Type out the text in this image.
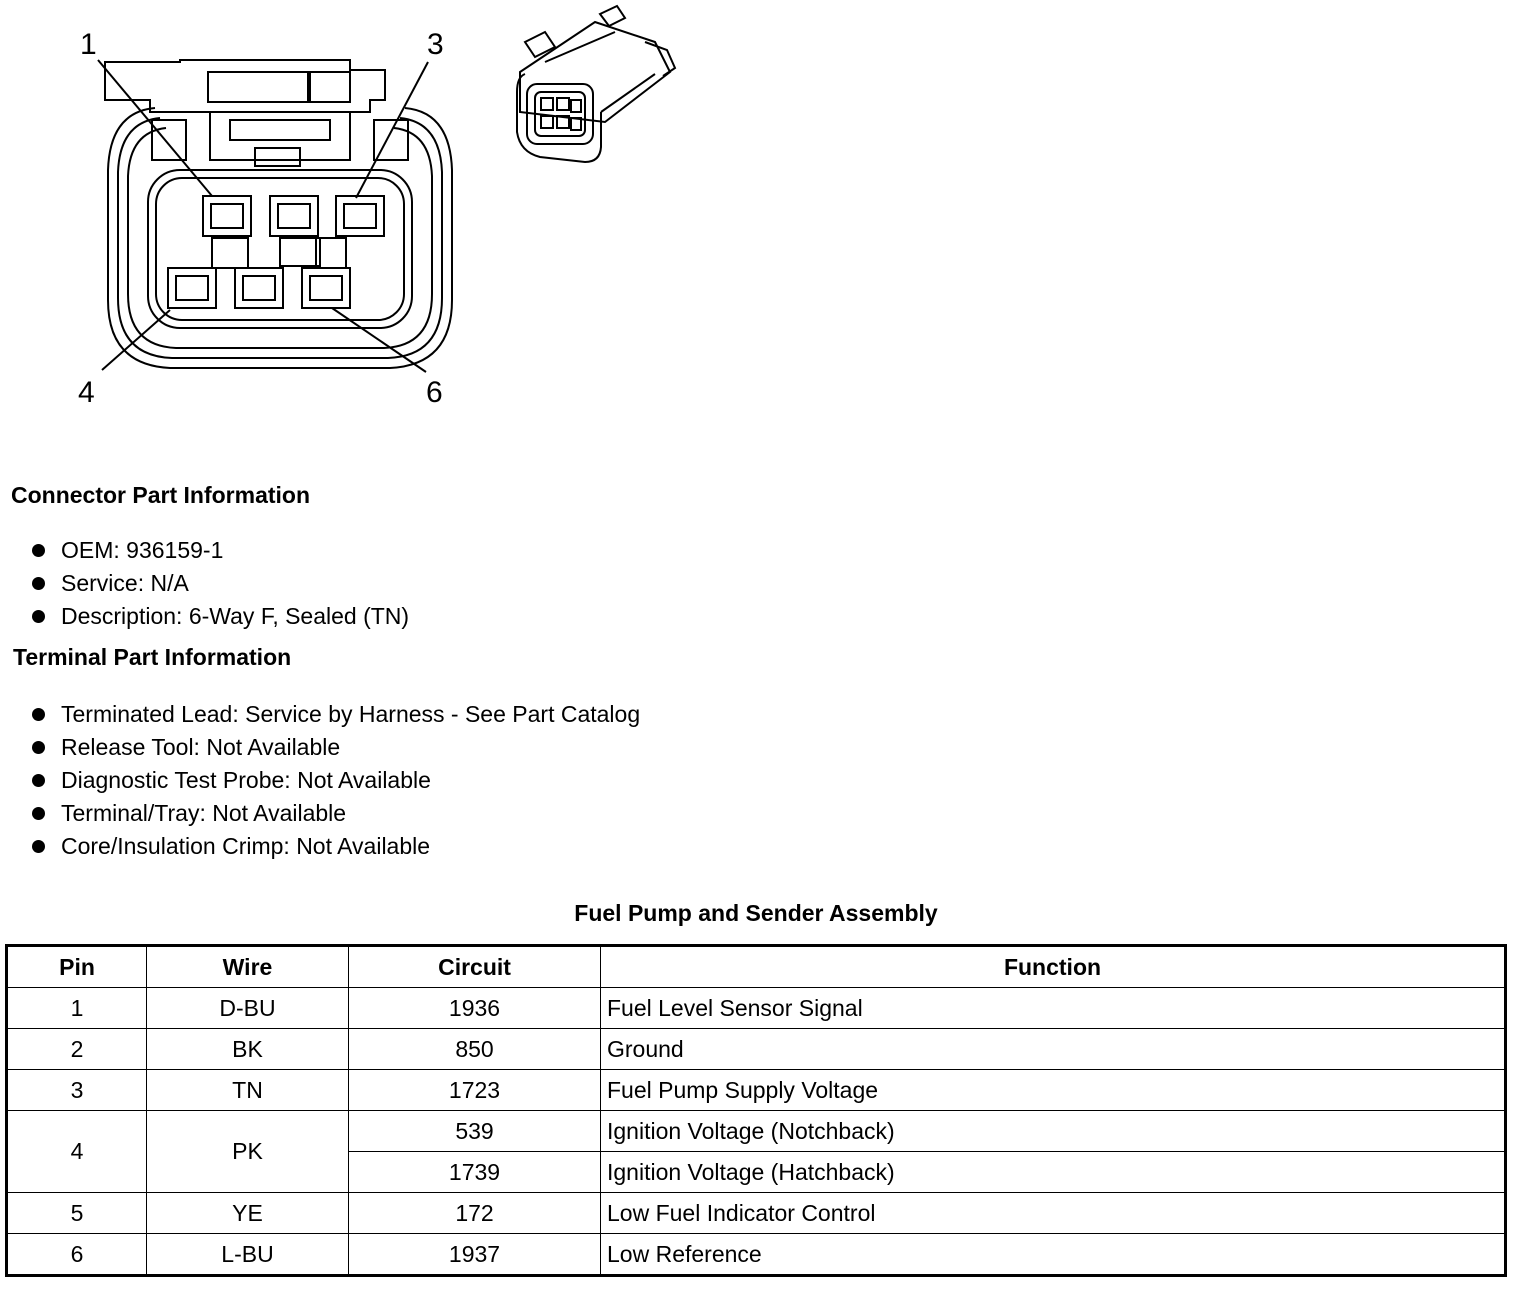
1	3
4	6
Connector Part Information
OEM: 936159-1
Service: N/A
Description: 6-Way F, Sealed (TN)
Terminal Part Information
Terminated Lead: Service by Harness - See Part Catalog
Release Tool: Not Available
Diagnostic Test Probe: Not Available
Terminal/Tray: Not Available
Core/Insulation Crimp: Not Available
Fuel Pump and Sender Assembly
Pin	Wire	Circuit	Function
1	D-BU	1936	Fuel Level Sensor Signal
2	BK	850	Ground
3	TN	1723	Fuel Pump Supply Voltage
4	PK	539	Ignition Voltage (Notchback)
		1739	Ignition Voltage (Hatchback)
5	YE	172	Low Fuel Indicator Control
6	L-BU	1937	Low Reference
